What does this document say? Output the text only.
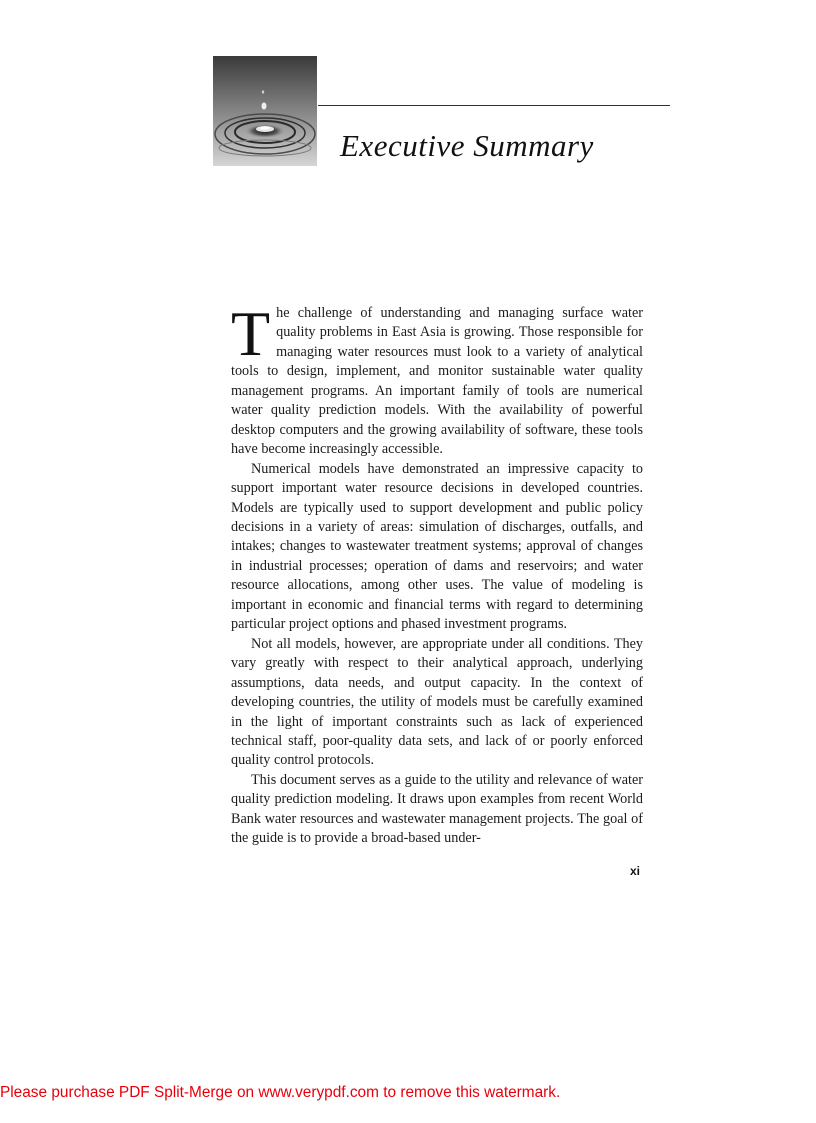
Executive Summary

The challenge of understanding and managing surface water quality problems in East Asia is growing. Those responsible for managing water resources must look to a variety of analytical tools to design, implement, and monitor sustainable water quality management programs. An important family of tools are numerical water quality prediction models. With the availability of powerful desktop computers and the growing availability of software, these tools have become increasingly accessible.

Numerical models have demonstrated an impressive capacity to support important water resource decisions in developed countries. Models are typically used to support development and public policy decisions in a variety of areas: simulation of discharges, outfalls, and intakes; changes to wastewater treatment systems; approval of changes in industrial processes; operation of dams and reservoirs; and water resource allocations, among other uses. The value of modeling is important in economic and financial terms with regard to determining particular project options and phased investment programs.

Not all models, however, are appropriate under all conditions. They vary greatly with respect to their analytical approach, underlying assumptions, data needs, and output capacity. In the context of developing countries, the utility of models must be carefully examined in the light of important constraints such as lack of experienced technical staff, poor-quality data sets, and lack of or poorly enforced quality control protocols.

This document serves as a guide to the utility and relevance of water quality prediction modeling. It draws upon examples from recent World Bank water resources and wastewater management projects. The goal of the guide is to provide a broad-based under-

xi

Please purchase PDF Split-Merge on www.verypdf.com to remove this watermark.
